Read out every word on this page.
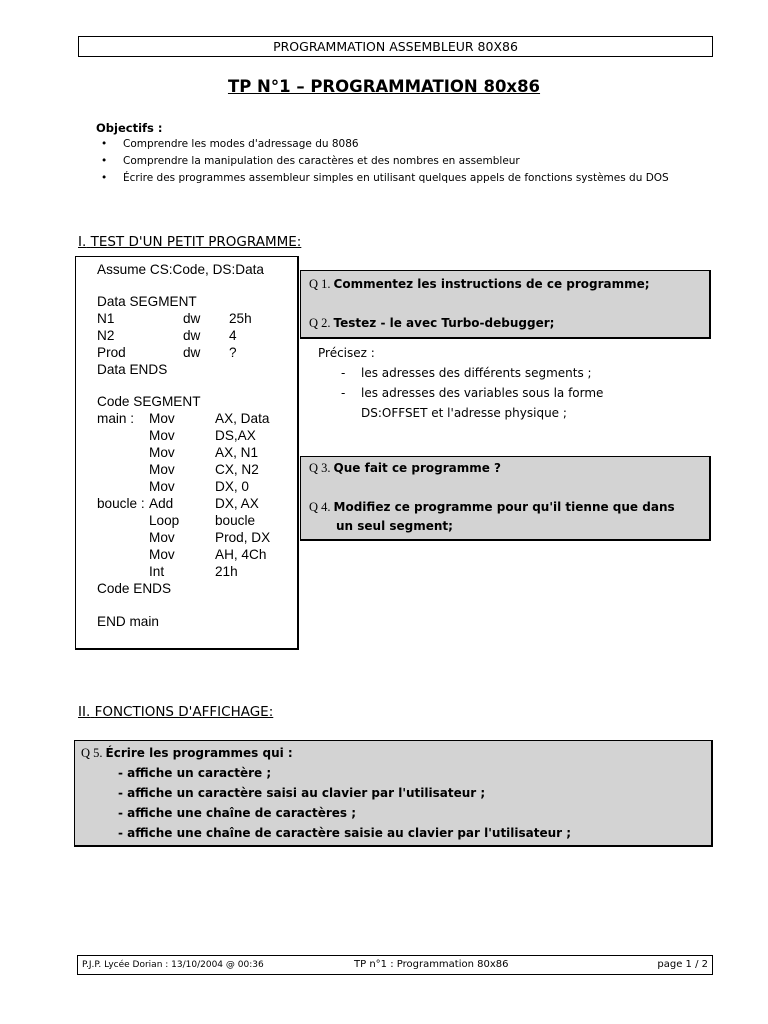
PROGRAMMATION ASSEMBLEUR 80X86
TP N°1 – PROGRAMMATION 80x86
Objectifs :
• Comprendre les modes d'adressage du 8086
• Comprendre la manipulation des caractères et des nombres en assembleur
• Écrire des programmes assembleur simples en utilisant quelques appels de fonctions systèmes du DOS
I. TEST D'UN PETIT PROGRAMME:
Assume CS:Code, DS:Data
Data SEGMENT
N1	dw 25h
N2	dw 4
Prod	dw ?
Data ENDS
Code SEGMENT
main : Mov	AX, Data
Mov	DS,AX
Mov	AX, N1
Mov	CX, N2
Mov	DX, 0
boucle : Add	DX, AX
Loop	boucle
Mov	Prod, DX
Mov	AH, 4Ch
Int	21h
Code ENDS
END main
Q 1. Commentez les instructions de ce programme;
Q 2. Testez - le avec Turbo-debugger;
Précisez :
- les adresses des différents segments ;
- les adresses des variables sous la forme
DS:OFFSET et l'adresse physique ;
Q 3. Que fait ce programme ?
Q 4. Modifiez ce programme pour qu'il tienne que dans
un seul segment;
II. FONCTIONS D'AFFICHAGE:
Q 5. Écrire les programmes qui :
- affiche un caractère ;
- affiche un caractère saisi au clavier par l'utilisateur ;
- affiche une chaîne de caractères ;
- affiche une chaîne de caractère saisie au clavier par l'utilisateur ;
P.J.P. Lycée Dorian : 13/10/2004 @ 00:36	TP n°1 : Programmation 80x86	page 1 / 2
